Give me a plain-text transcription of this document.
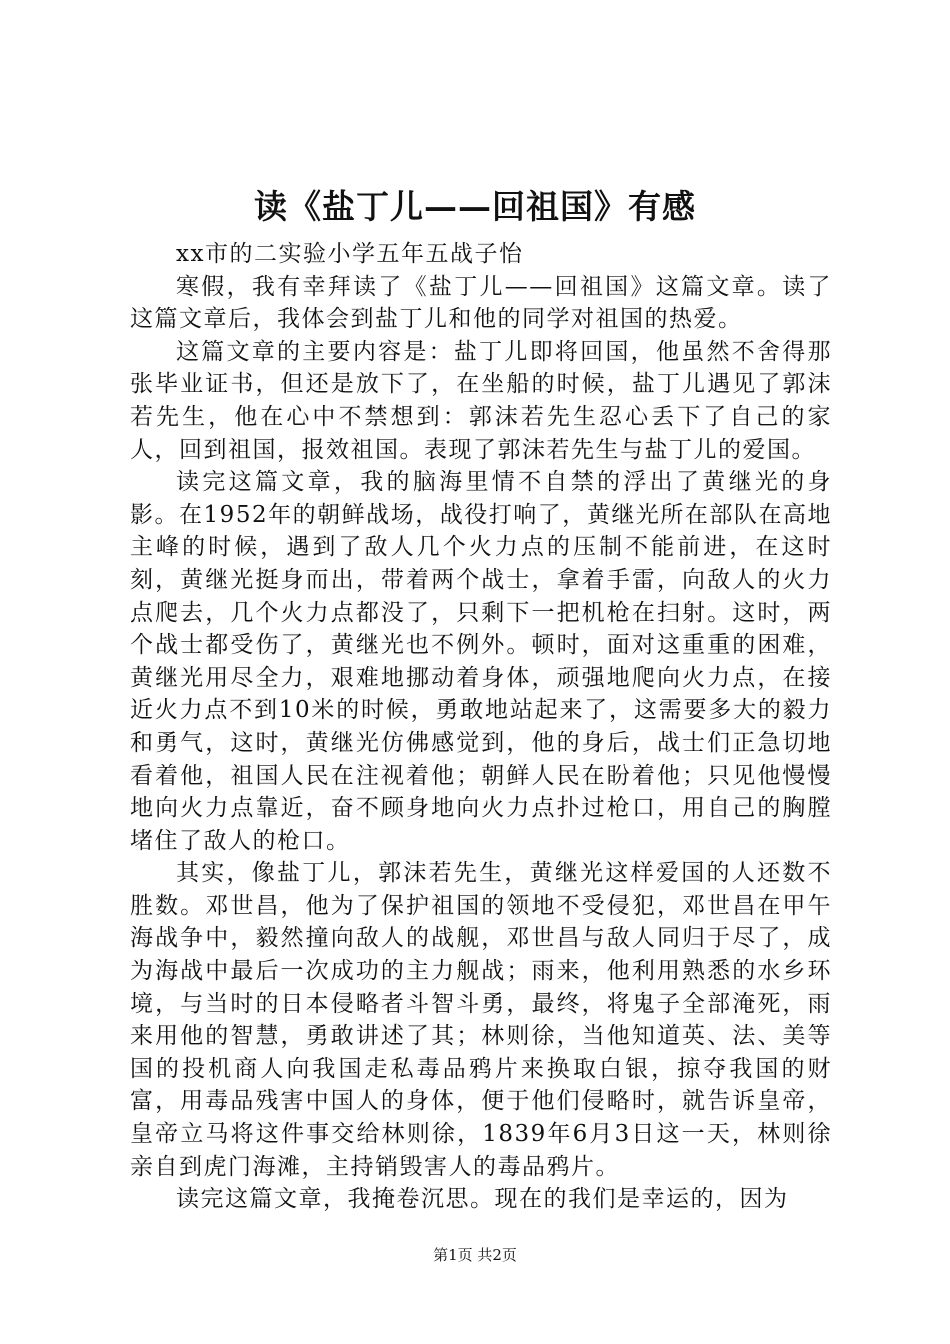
读《盐丁儿——回祖国》有感

xx市的二实验小学五年五战子怡

寒假，我有幸拜读了《盐丁儿——回祖国》这篇文章。读了这篇文章后，我体会到盐丁儿和他的同学对祖国的热爱。

这篇文章的主要内容是：盐丁儿即将回国，他虽然不舍得那张毕业证书，但还是放下了，在坐船的时候，盐丁儿遇见了郭沫若先生，他在心中不禁想到：郭沫若先生忍心丢下了自己的家人，回到祖国，报效祖国。表现了郭沫若先生与盐丁儿的爱国。

读完这篇文章，我的脑海里情不自禁的浮出了黄继光的身影。在1952年的朝鲜战场，战役打响了，黄继光所在部队在高地主峰的时候，遇到了敌人几个火力点的压制不能前进，在这时刻，黄继光挺身而出，带着两个战士，拿着手雷，向敌人的火力点爬去，几个火力点都没了，只剩下一把机枪在扫射。这时，两个战士都受伤了，黄继光也不例外。顿时，面对这重重的困难，黄继光用尽全力，艰难地挪动着身体，顽强地爬向火力点，在接近火力点不到10米的时候，勇敢地站起来了，这需要多大的毅力和勇气，这时，黄继光仿佛感觉到，他的身后，战士们正急切地看着他，祖国人民在注视着他；朝鲜人民在盼着他；只见他慢慢地向火力点靠近，奋不顾身地向火力点扑过枪口，用自己的胸膛堵住了敌人的枪口。

其实，像盐丁儿，郭沫若先生，黄继光这样爱国的人还数不胜数。邓世昌，他为了保护祖国的领地不受侵犯，邓世昌在甲午海战争中，毅然撞向敌人的战舰，邓世昌与敌人同归于尽了，成为海战中最后一次成功的主力舰战；雨来，他利用熟悉的水乡环境，与当时的日本侵略者斗智斗勇，最终，将鬼子全部淹死，雨来用他的智慧，勇敢讲述了其；林则徐，当他知道英、法、美等国的投机商人向我国走私毒品鸦片来换取白银，掠夺我国的财富，用毒品残害中国人的身体，便于他们侵略时，就告诉皇帝，皇帝立马将这件事交给林则徐，1839年6月3日这一天，林则徐亲自到虎门海滩，主持销毁害人的毒品鸦片。

读完这篇文章，我掩卷沉思。现在的我们是幸运的，因为

第1页 共2页
